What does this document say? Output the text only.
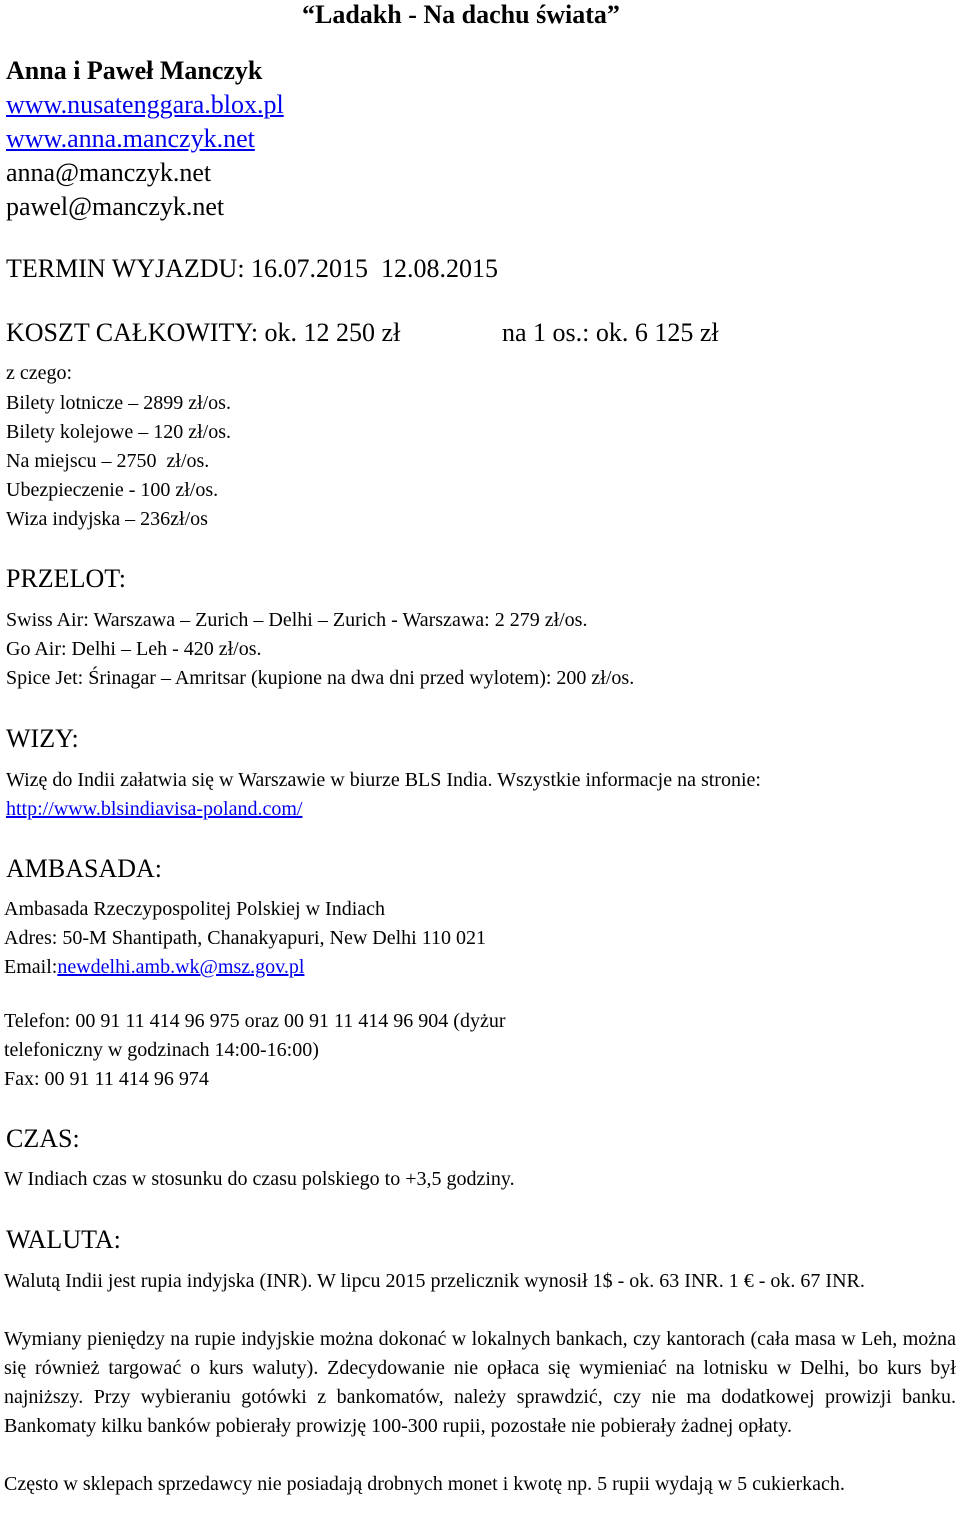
“Ladakh - Na dachu świata”
Anna i Paweł Manczyk
www.nusatenggara.blox.pl
www.anna.manczyk.net
anna@manczyk.net
pawel@manczyk.net
TERMIN WYJAZDU: 16.07.2015  12.08.2015
KOSZT CAŁKOWITY: ok. 12 250 zł	na 1 os.: ok. 6 125 zł
z czego:
Bilety lotnicze – 2899 zł/os.
Bilety kolejowe – 120 zł/os.
Na miejscu – 2750  zł/os.
Ubezpieczenie - 100 zł/os.
Wiza indyjska – 236zł/os
PRZELOT:
Swiss Air: Warszawa – Zurich – Delhi – Zurich - Warszawa: 2 279 zł/os.
Go Air: Delhi – Leh - 420 zł/os.
Spice Jet: Śrinagar – Amritsar (kupione na dwa dni przed wylotem): 200 zł/os.
WIZY:
Wizę do Indii załatwia się w Warszawie w biurze BLS India. Wszystkie informacje na stronie:
http://www.blsindiavisa-poland.com/
AMBASADA:
Ambasada Rzeczypospolitej Polskiej w Indiach
Adres: 50-M Shantipath, Chanakyapuri, New Delhi 110 021
Email:newdelhi.amb.wk@msz.gov.pl
Telefon: 00 91 11 414 96 975 oraz 00 91 11 414 96 904 (dyżur
telefoniczny w godzinach 14:00-16:00)
Fax: 00 91 11 414 96 974
CZAS:
W Indiach czas w stosunku do czasu polskiego to +3,5 godziny.
WALUTA:
Walutą Indii jest rupia indyjska (INR). W lipcu 2015 przelicznik wynosił 1$ - ok. 63 INR. 1 € - ok. 67 INR.
Wymiany pieniędzy na rupie indyjskie można dokonać w lokalnych bankach, czy kantorach (cała masa w Leh, można się również targować o kurs waluty). Zdecydowanie nie opłaca się wymieniać na lotnisku w Delhi, bo kurs był najniższy. Przy wybieraniu gotówki z bankomatów, należy sprawdzić, czy nie ma dodatkowej prowizji banku. Bankomaty kilku banków pobierały prowizję 100-300 rupii, pozostałe nie pobierały żadnej opłaty.
Często w sklepach sprzedawcy nie posiadają drobnych monet i kwotę np. 5 rupii wydają w 5 cukierkach.
